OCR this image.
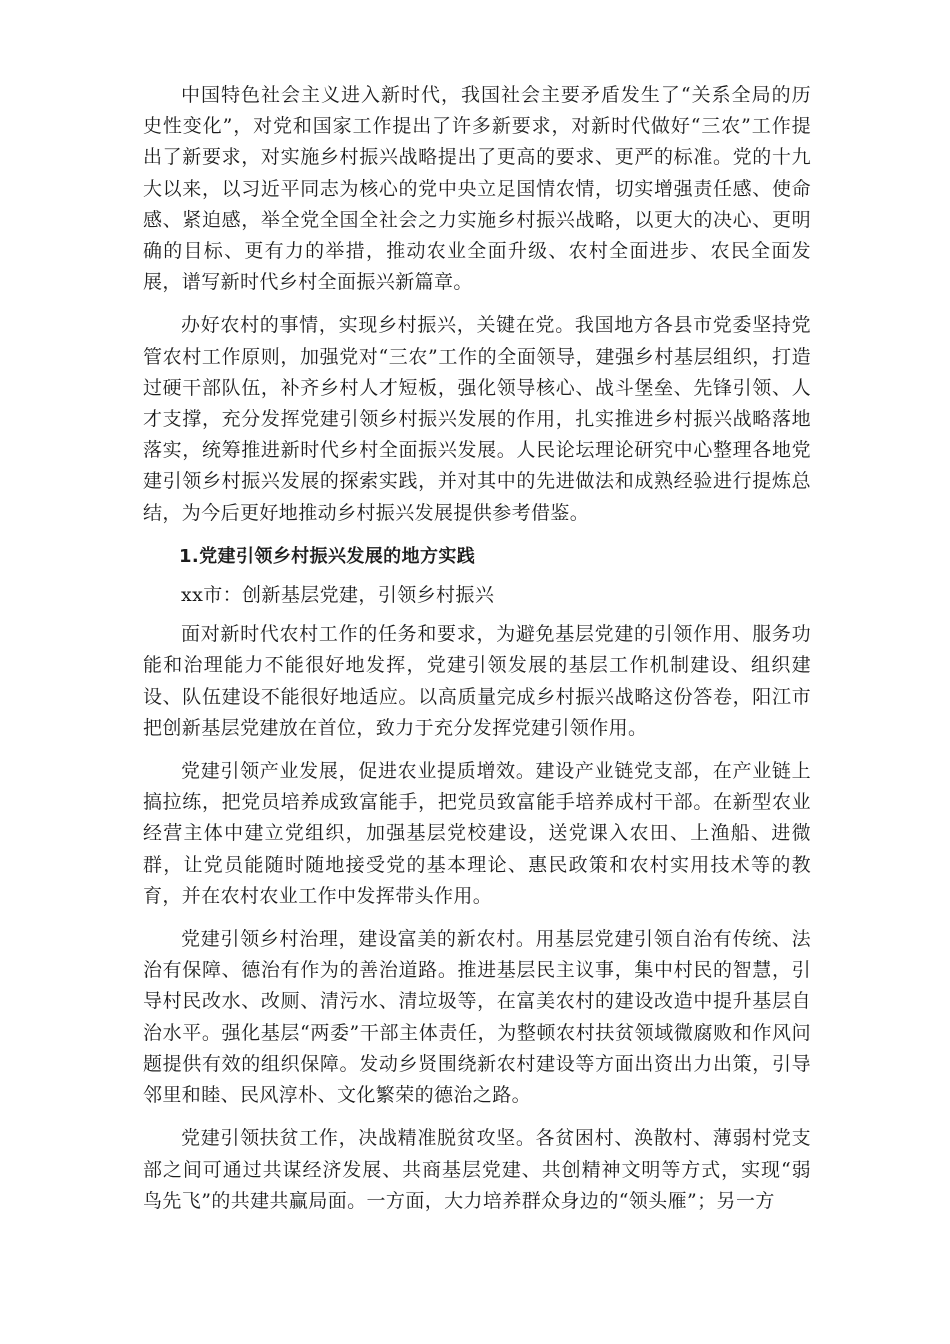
中国特色社会主义进入新时代，我国社会主要矛盾发生了“关系全局的历史性变化”，对党和国家工作提出了许多新要求，对新时代做好“三农”工作提出了新要求，对实施乡村振兴战略提出了更高的要求、更严的标准。党的十九大以来，以习近平同志为核心的党中央立足国情农情，切实增强责任感、使命感、紧迫感，举全党全国全社会之力实施乡村振兴战略，以更大的决心、更明确的目标、更有力的举措，推动农业全面升级、农村全面进步、农民全面发展，谱写新时代乡村全面振兴新篇章。

办好农村的事情，实现乡村振兴，关键在党。我国地方各县市党委坚持党管农村工作原则，加强党对“三农”工作的全面领导，建强乡村基层组织，打造过硬干部队伍，补齐乡村人才短板，强化领导核心、战斗堡垒、先锋引领、人才支撑，充分发挥党建引领乡村振兴发展的作用，扎实推进乡村振兴战略落地落实，统筹推进新时代乡村全面振兴发展。人民论坛理论研究中心整理各地党建引领乡村振兴发展的探索实践，并对其中的先进做法和成熟经验进行提炼总结，为今后更好地推动乡村振兴发展提供参考借鉴。

1.党建引领乡村振兴发展的地方实践

xx市：创新基层党建，引领乡村振兴

面对新时代农村工作的任务和要求，为避免基层党建的引领作用、服务功能和治理能力不能很好地发挥，党建引领发展的基层工作机制建设、组织建设、队伍建设不能很好地适应。以高质量完成乡村振兴战略这份答卷，阳江市把创新基层党建放在首位，致力于充分发挥党建引领作用。

党建引领产业发展，促进农业提质增效。建设产业链党支部，在产业链上搞拉练，把党员培养成致富能手，把党员致富能手培养成村干部。在新型农业经营主体中建立党组织，加强基层党校建设，送党课入农田、上渔船、进微群，让党员能随时随地接受党的基本理论、惠民政策和农村实用技术等的教育，并在农村农业工作中发挥带头作用。

党建引领乡村治理，建设富美的新农村。用基层党建引领自治有传统、法治有保障、德治有作为的善治道路。推进基层民主议事，集中村民的智慧，引导村民改水、改厕、清污水、清垃圾等，在富美农村的建设改造中提升基层自治水平。强化基层“两委”干部主体责任，为整顿农村扶贫领域微腐败和作风问题提供有效的组织保障。发动乡贤围绕新农村建设等方面出资出力出策，引导邻里和睦、民风淳朴、文化繁荣的德治之路。

党建引领扶贫工作，决战精准脱贫攻坚。各贫困村、涣散村、薄弱村党支部之间可通过共谋经济发展、共商基层党建、共创精神文明等方式，实现“弱鸟先飞”的共建共赢局面。一方面，大力培养群众身边的“领头雁”；另一方
